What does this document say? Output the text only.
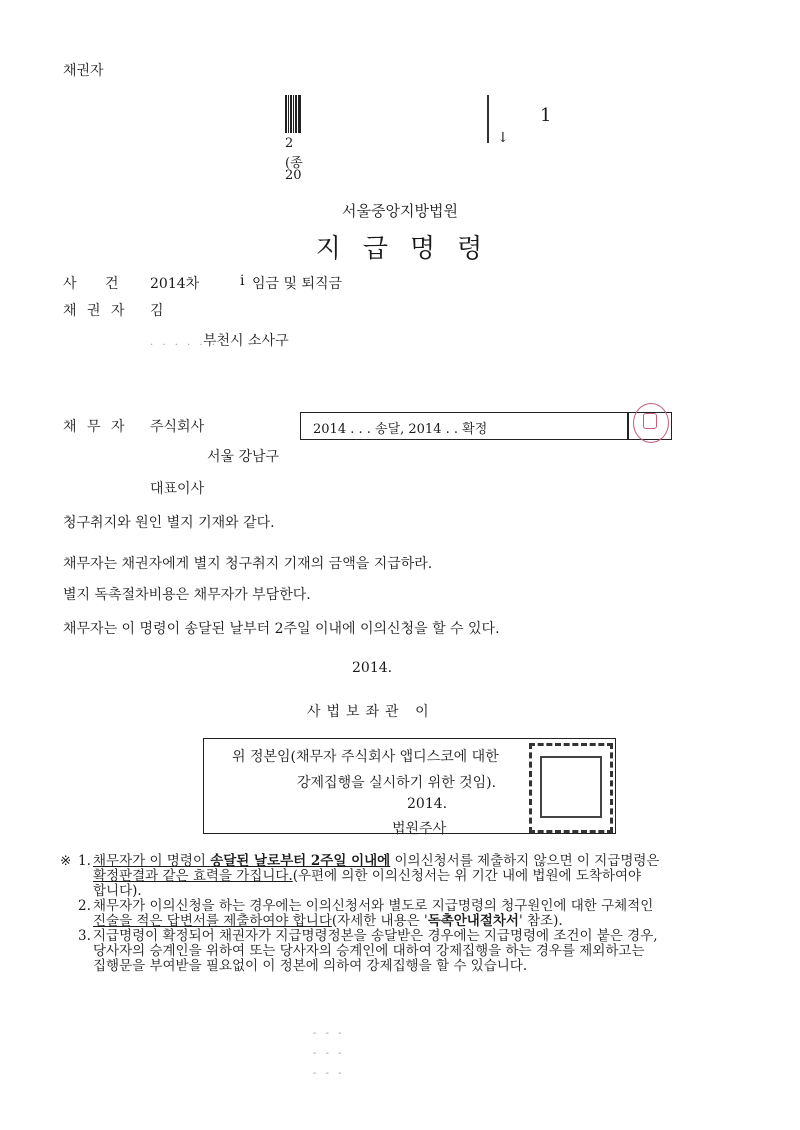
채권자
2
(종
20
↓
1
서울중앙지방법원
지급명령
사 건 2014차	i 임금 및 퇴직금
채 권 자 김
. . . . . .
부천시 소사구
채 무 자 주식회사
서울 강남구
대표이사
2014 . . . 송달, 2014 . . 확정
청구취지와 원인 별지 기재와 같다.
채무자는 채권자에게 별지 청구취지 기재의 금액을 지급하라.
별지 독촉절차비용은 채무자가 부담한다.
채무자는 이 명령이 송달된 날부터 2주일 이내에 이의신청을 할 수 있다.
2014.
사법보좌관 이
위 정본임(채무자 주식회사 앱디스코에 대한
강제집행을 실시하기 위한 것임).
2014.
법원주사
※ 1. 채무자가 이 명령이 송달된 날로부터 2주일 이내에 이의신청서를 제출하지 않으면 이 지급명령은
확정판결과 같은 효력을 가집니다.(우편에 의한 이의신청서는 위 기간 내에 법원에 도착하여야
합니다).
2. 채무자가 이의신청을 하는 경우에는 이의신청서와 별도로 지급명령의 청구원인에 대한 구체적인
진술을 적은 답변서를 제출하여야 합니다(자세한 내용은 '독촉안내절차서' 참조).
3. 지급명령이 확정되어 채권자가 지급명령정본을 송달받은 경우에는 지급명령에 조건이 붙은 경우,
당사자의 승계인을 위하여 또는 당사자의 승계인에 대하여 강제집행을 하는 경우를 제외하고는
집행문을 부여받을 필요없이 이 정본에 의하여 강제집행을 할 수 있습니다.
- - -
- - -
- - -
